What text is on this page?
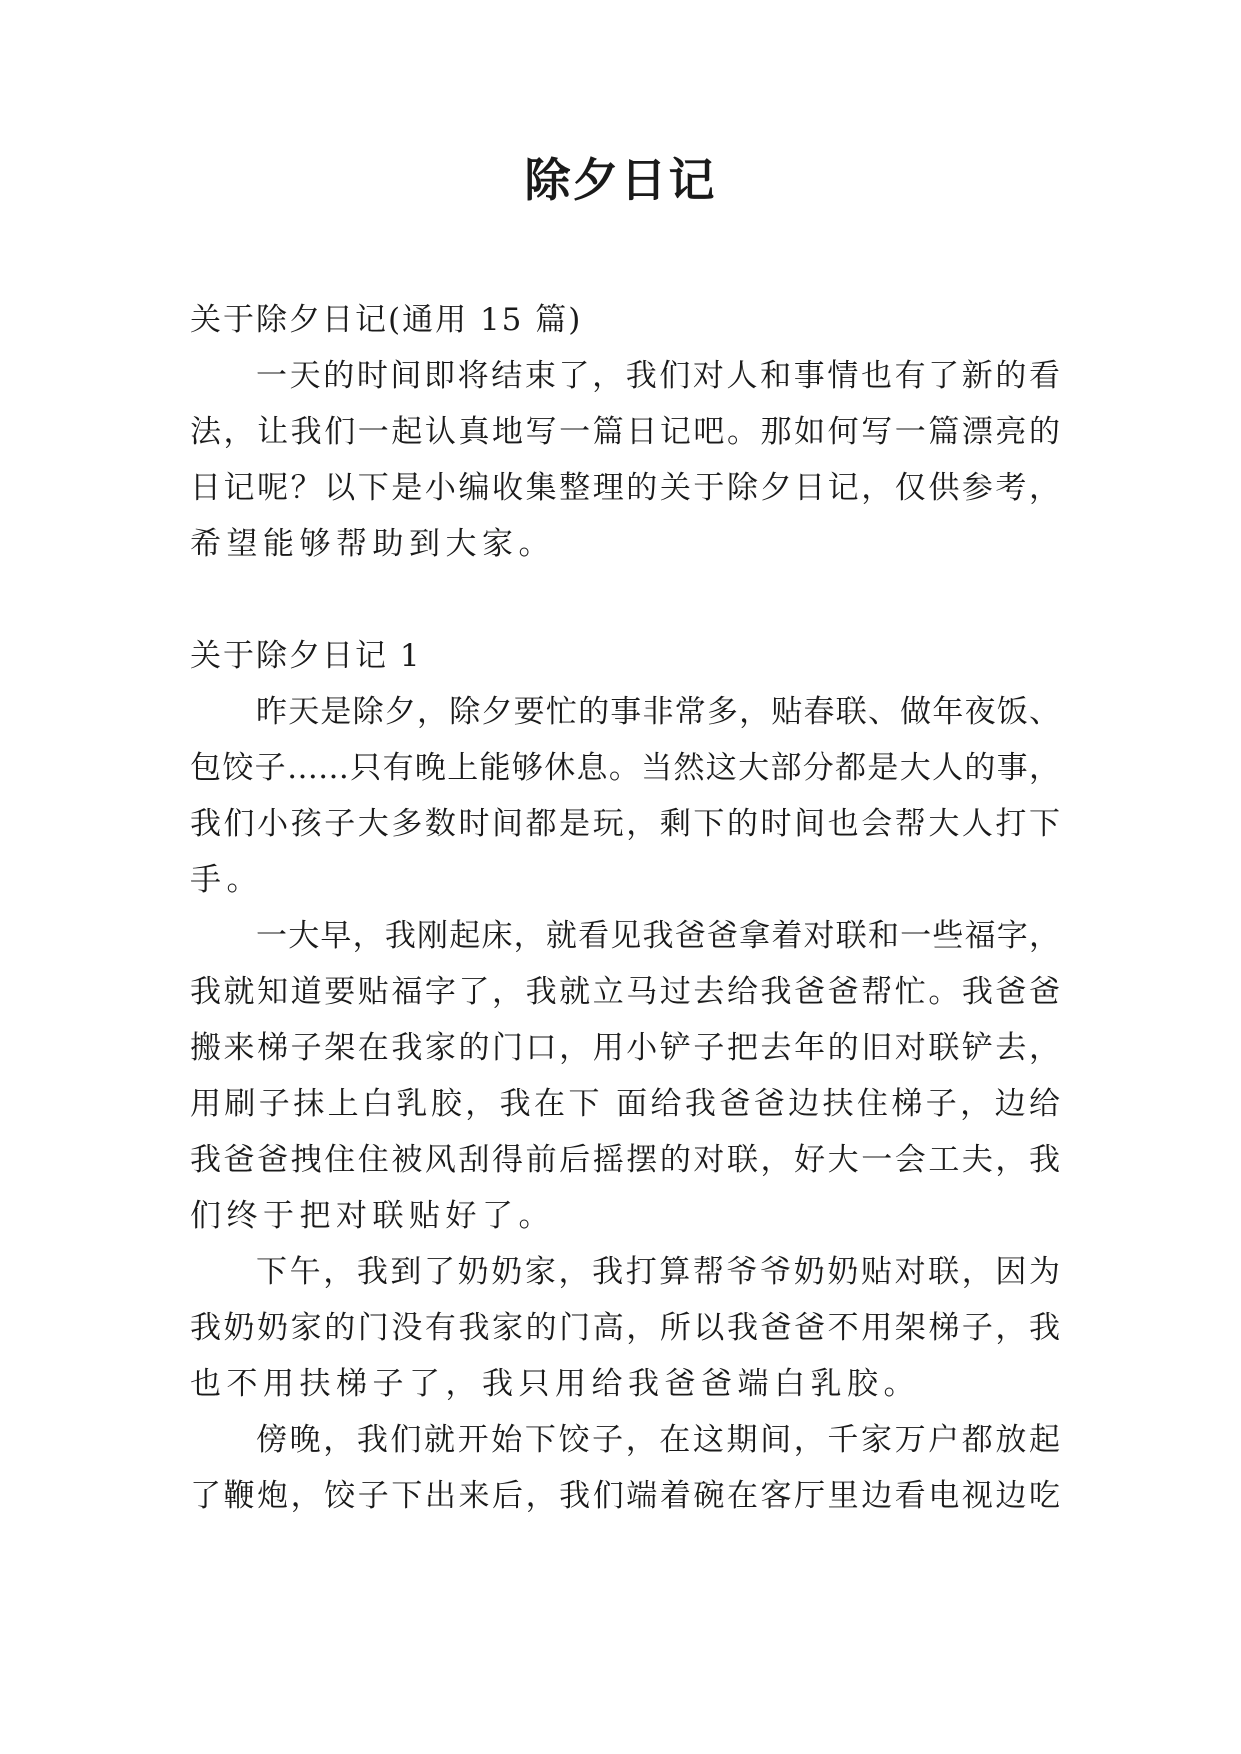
除夕日记
关于除夕日记(通用 15 篇)
一天的时间即将结束了，我们对人和事情也有了新的看
法，让我们一起认真地写一篇日记吧。那如何写一篇漂亮的
日记呢？以下是小编收集整理的关于除夕日记，仅供参考，
希望能够帮助到大家。
关于除夕日记 1
昨天是除夕，除夕要忙的事非常多，贴春联、做年夜饭、
包饺子……只有晚上能够休息。当然这大部分都是大人的事，
我们小孩子大多数时间都是玩，剩下的时间也会帮大人打下
手。
一大早，我刚起床，就看见我爸爸拿着对联和一些福字，
我就知道要贴福字了，我就立马过去给我爸爸帮忙。我爸爸
搬来梯子架在我家的门口，用小铲子把去年的旧对联铲去，
用刷子抹上白乳胶，我在下 面给我爸爸边扶住梯子，边给
我爸爸拽住住被风刮得前后摇摆的对联，好大一会工夫，我
们终于把对联贴好了。
下午，我到了奶奶家，我打算帮爷爷奶奶贴对联，因为
我奶奶家的门没有我家的门高，所以我爸爸不用架梯子，我
也不用扶梯子了，我只用给我爸爸端白乳胶。
傍晚，我们就开始下饺子，在这期间，千家万户都放起
了鞭炮，饺子下出来后，我们端着碗在客厅里边看电视边吃
